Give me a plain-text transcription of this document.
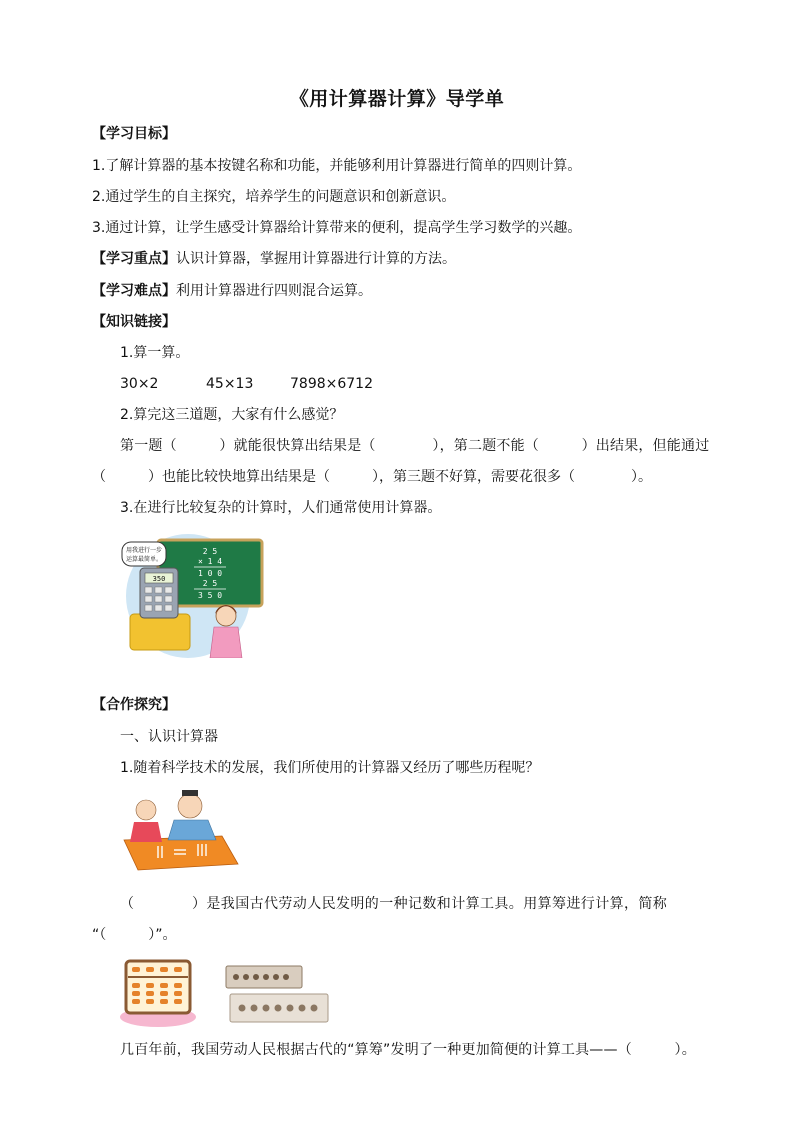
《用计算器计算》导学单
【学习目标】
1.了解计算器的基本按键名称和功能，并能够利用计算器进行简单的四则计算。
2.通过学生的自主探究，培养学生的问题意识和创新意识。
3.通过计算，让学生感受计算器给计算带来的便利，提高学生学习数学的兴趣。
【学习重点】认识计算器，掌握用计算器进行计算的方法。
【学习难点】利用计算器进行四则混合运算。
【知识链接】
1.算一算。
30×2	45×13	7898×6712
2.算完这三道题，大家有什么感觉？
第一题（　　　）就能很快算出结果是（　　　　），第二题不能（　　　）出结果，但能通过
（　　　）也能比较快地算出结果是（　　　），第三题不好算，需要花很多（　　　　）。
3.在进行比较复杂的计算时，人们通常使用计算器。
2 5
× 1 4
1 0 0
2 5
3 5 0
用我进行一步
运算最简单。
350
【合作探究】
一、认识计算器
1.随着科学技术的发展，我们所使用的计算器又经历了哪些历程呢？
（　　　　）是我国古代劳动人民发明的一种记数和计算工具。用算筹进行计算，简称
“（　　　）”。
几百年前，我国劳动人民根据古代的“算筹”发明了一种更加简便的计算工具——（　　　）。
